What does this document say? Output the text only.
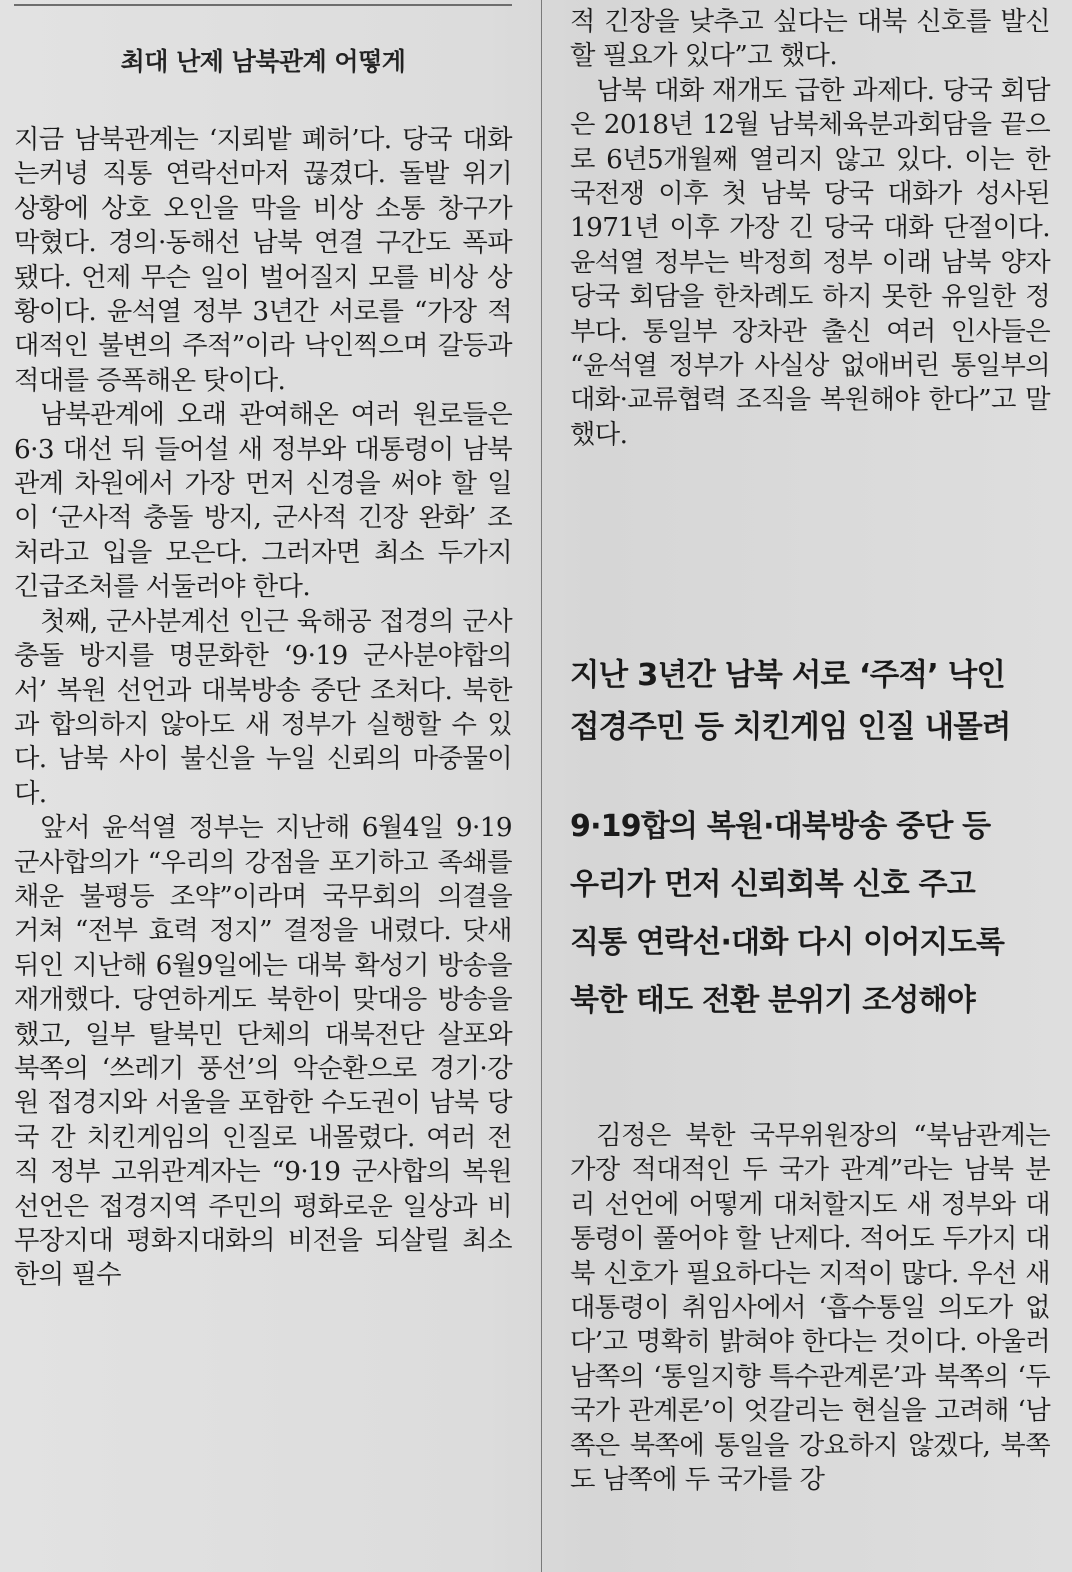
최대 난제 남북관계 어떻게

지금 남북관계는 ‘지뢰밭 폐허’다. 당국 대화는커녕 직통 연락선마저 끊겼다. 돌발 위기 상황에 상호 오인을 막을 비상 소통 창구가 막혔다. 경의·동해선 남북 연결 구간도 폭파됐다. 언제 무슨 일이 벌어질지 모를 비상 상황이다. 윤석열 정부 3년간 서로를 “가장 적대적인 불변의 주적”이라 낙인찍으며 갈등과 적대를 증폭해온 탓이다.

남북관계에 오래 관여해온 여러 원로들은 6·3 대선 뒤 들어설 새 정부와 대통령이 남북관계 차원에서 가장 먼저 신경을 써야 할 일이 ‘군사적 충돌 방지, 군사적 긴장 완화’ 조처라고 입을 모은다. 그러자면 최소 두가지 긴급조처를 서둘러야 한다.

첫째, 군사분계선 인근 육해공 접경의 군사 충돌 방지를 명문화한 ‘9·19 군사분야합의서’ 복원 선언과 대북방송 중단 조처다. 북한과 합의하지 않아도 새 정부가 실행할 수 있다. 남북 사이 불신을 누일 신뢰의 마중물이다.

앞서 윤석열 정부는 지난해 6월4일 9·19 군사합의가 “우리의 강점을 포기하고 족쇄를 채운 불평등 조약”이라며 국무회의 의결을 거쳐 “전부 효력 정지” 결정을 내렸다. 닷새 뒤인 지난해 6월9일에는 대북 확성기 방송을 재개했다. 당연하게도 북한이 맞대응 방송을 했고, 일부 탈북민 단체의 대북전단 살포와 북쪽의 ‘쓰레기 풍선’의 악순환으로 경기·강원 접경지와 서울을 포함한 수도권이 남북 당국 간 치킨게임의 인질로 내몰렸다. 여러 전직 정부 고위관계자는 “9·19 군사합의 복원 선언은 접경지역 주민의 평화로운 일상과 비무장지대 평화지대화의 비전을 되살릴 최소한의 필수

적 긴장을 낮추고 싶다는 대북 신호를 발신할 필요가 있다”고 했다.

남북 대화 재개도 급한 과제다. 당국 회담은 2018년 12월 남북체육분과회담을 끝으로 6년5개월째 열리지 않고 있다. 이는 한국전쟁 이후 첫 남북 당국 대화가 성사된 1971년 이후 가장 긴 당국 대화 단절이다. 윤석열 정부는 박정희 정부 이래 남북 양자 당국 회담을 한차례도 하지 못한 유일한 정부다. 통일부 장차관 출신 여러 인사들은 “윤석열 정부가 사실상 없애버린 통일부의 대화·교류협력 조직을 복원해야 한다”고 말했다.

지난 3년간 남북 서로 ‘주적’ 낙인
접경주민 등 치킨게임 인질 내몰려
9·19합의 복원·대북방송 중단 등
우리가 먼저 신뢰회복 신호 주고
직통 연락선·대화 다시 이어지도록
북한 태도 전환 분위기 조성해야

김정은 북한 국무위원장의 “북남관계는 가장 적대적인 두 국가 관계”라는 남북 분리 선언에 어떻게 대처할지도 새 정부와 대통령이 풀어야 할 난제다. 적어도 두가지 대북 신호가 필요하다는 지적이 많다. 우선 새 대통령이 취임사에서 ‘흡수통일 의도가 없다’고 명확히 밝혀야 한다는 것이다. 아울러 남쪽의 ‘통일지향 특수관계론’과 북쪽의 ‘두 국가 관계론’이 엇갈리는 현실을 고려해 ‘남쪽은 북쪽에 통일을 강요하지 않겠다, 북쪽도 남쪽에 두 국가를 강
